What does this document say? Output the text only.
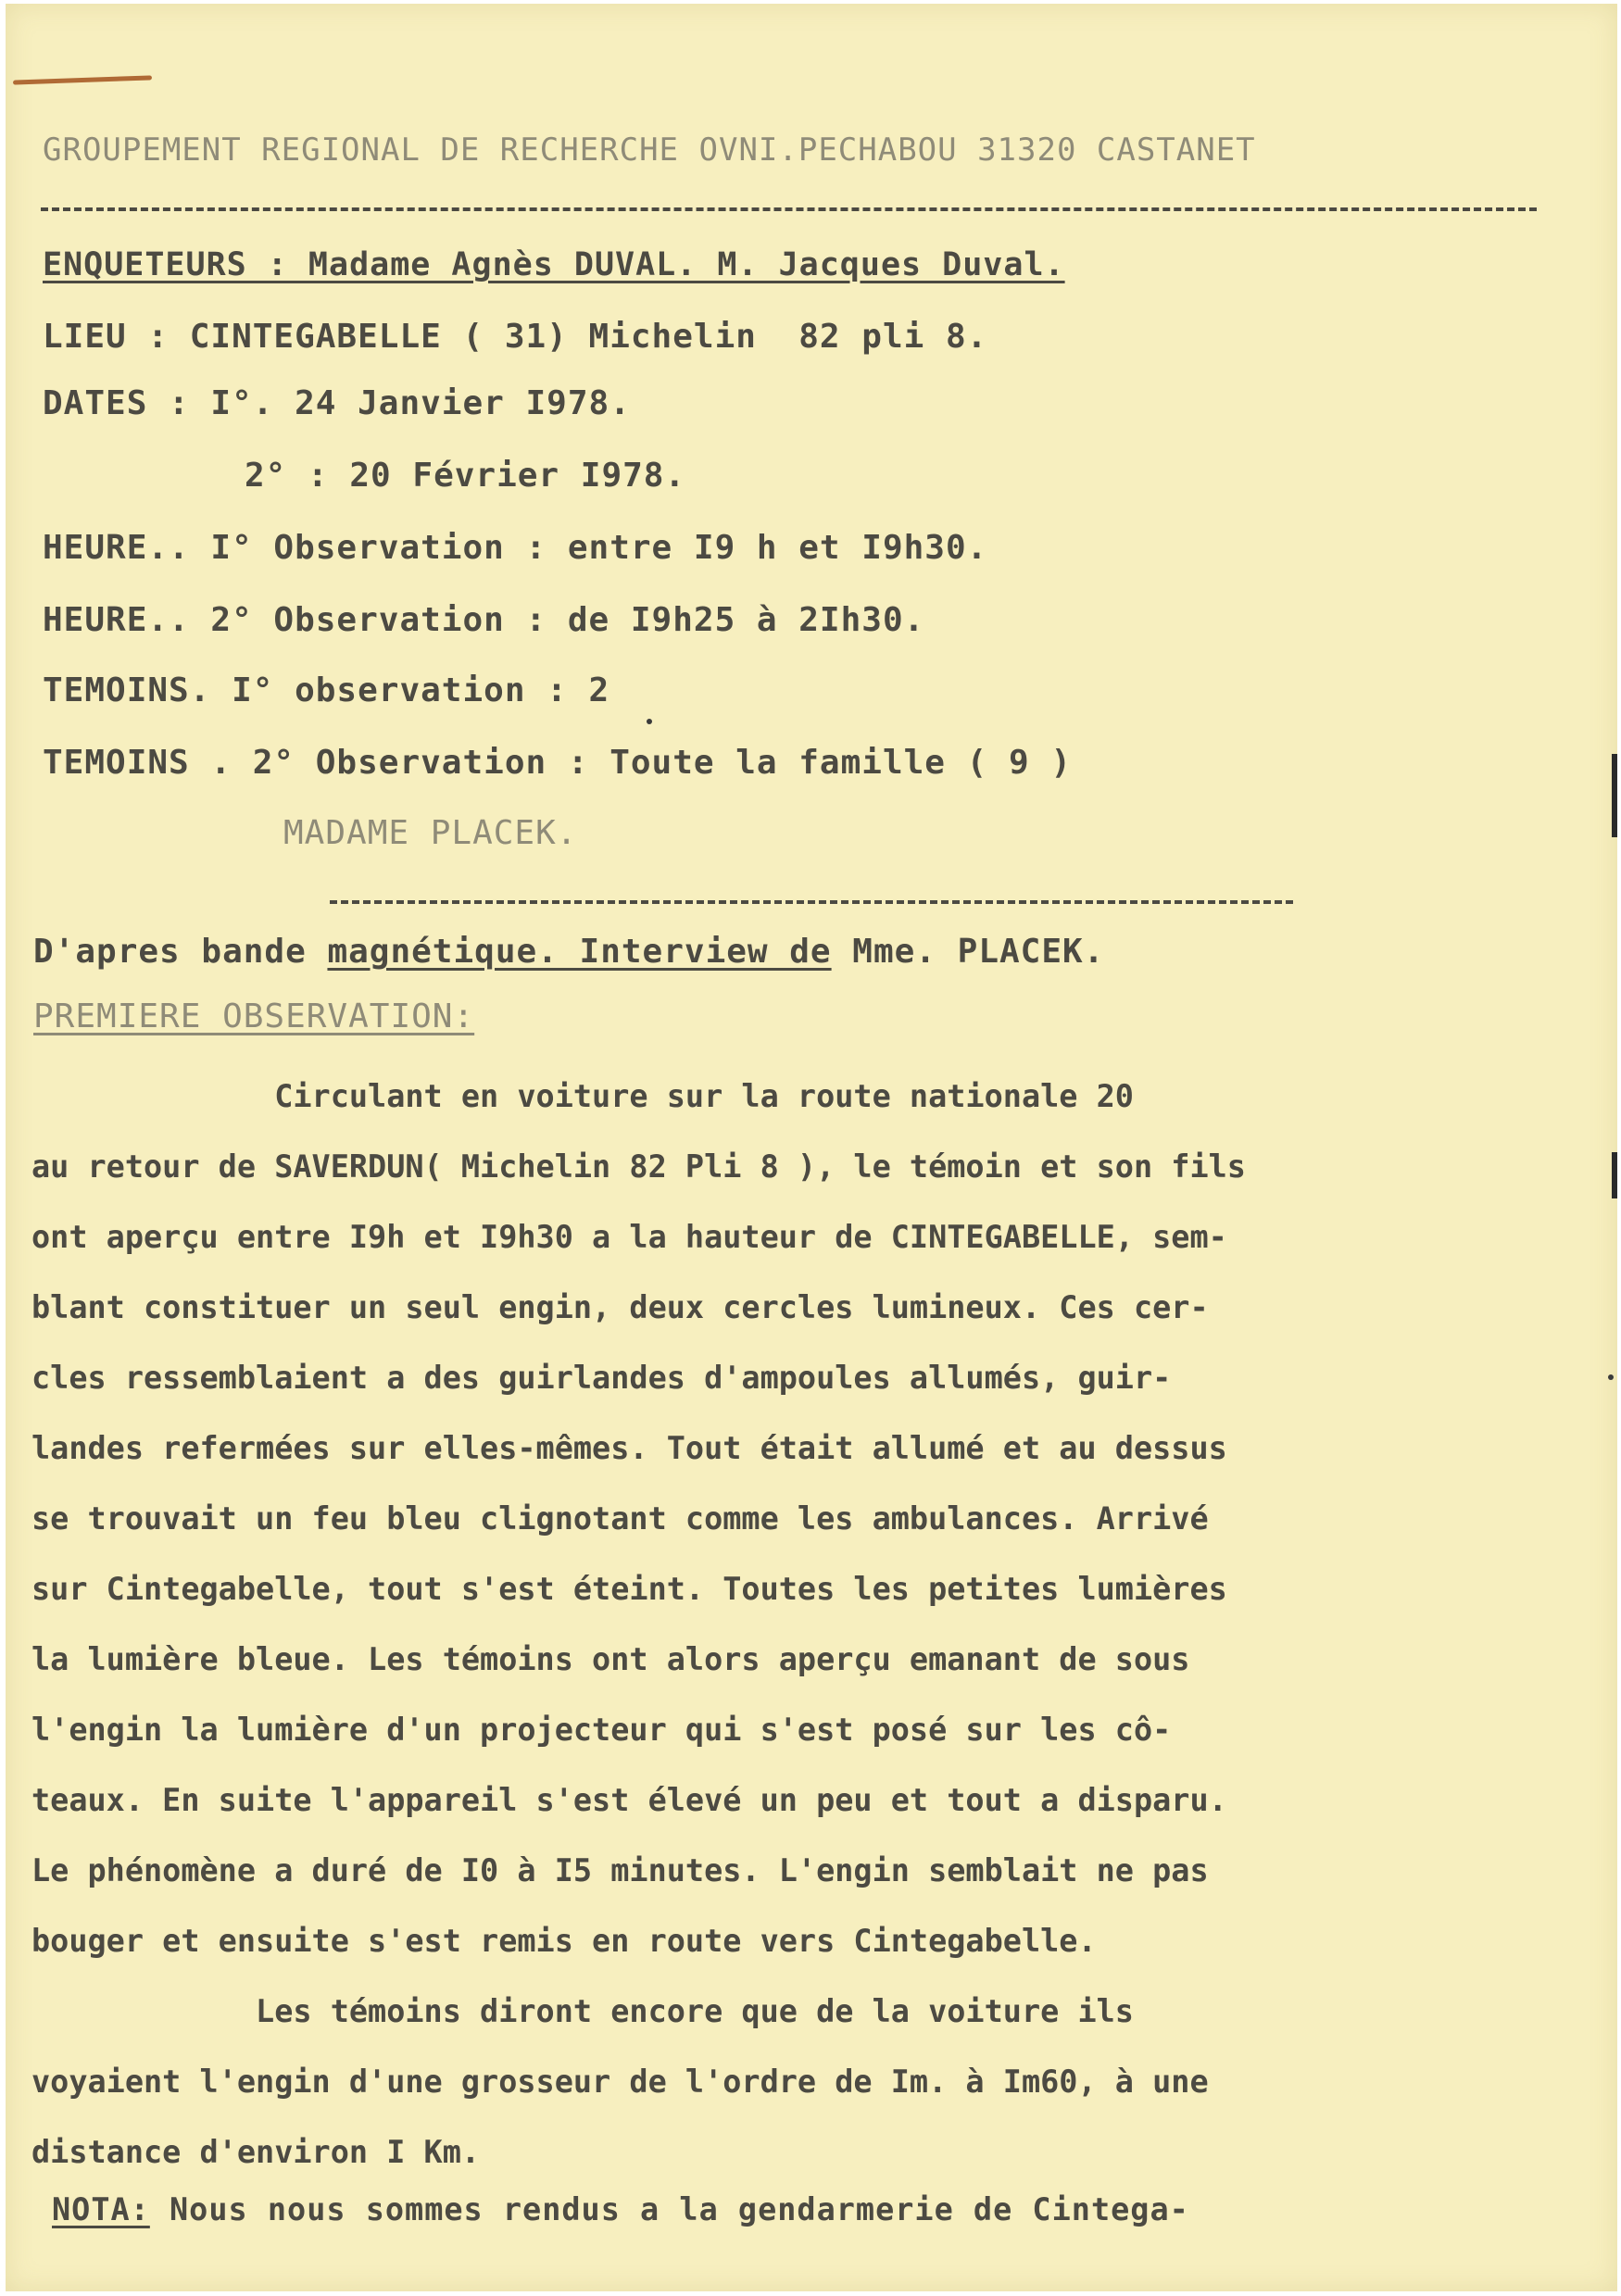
GROUPEMENT REGIONAL DE RECHERCHE OVNI.PECHABOU 31320 CASTANET

ENQUETEURS : Madame Agnès DUVAL. M. Jacques Duval.

LIEU : CINTEGABELLE ( 31) Michelin  82 pli 8.

DATES : I°. 24 Janvier I978.

2° : 20 Février I978.

HEURE.. I° Observation : entre I9 h et I9h30.

HEURE.. 2° Observation : de I9h25 à 2Ih30.

TEMOINS. I° observation : 2

TEMOINS . 2° Observation : Toute la famille ( 9 )

MADAME PLACEK.

D'apres bande magnétique. Interview de Mme. PLACEK.

PREMIERE OBSERVATION:

Circulant en voiture sur la route nationale 20
au retour de SAVERDUN( Michelin 82 Pli 8 ), le témoin et son fils
ont aperçu entre I9h et I9h30 a la hauteur de CINTEGABELLE, sem-
blant constituer un seul engin, deux cercles lumineux. Ces cer-
cles ressemblaient a des guirlandes d'ampoules allumés, guir-
landes refermées sur elles-mêmes. Tout était allumé et au dessus
se trouvait un feu bleu clignotant comme les ambulances. Arrivé
sur Cintegabelle, tout s'est éteint. Toutes les petites lumières
la lumière bleue. Les témoins ont alors aperçu emanant de sous
l'engin la lumière d'un projecteur qui s'est posé sur les cô-
teaux. En suite l'appareil s'est élevé un peu et tout a disparu.
Le phénomène a duré de I0 à I5 minutes. L'engin semblait ne pas
bouger et ensuite s'est remis en route vers Cintegabelle.
Les témoins diront encore que de la voiture ils
voyaient l'engin d'une grosseur de l'ordre de Im. à Im60, à une
distance d'environ I Km.

NOTA: Nous nous sommes rendus a la gendarmerie de Cintega-
